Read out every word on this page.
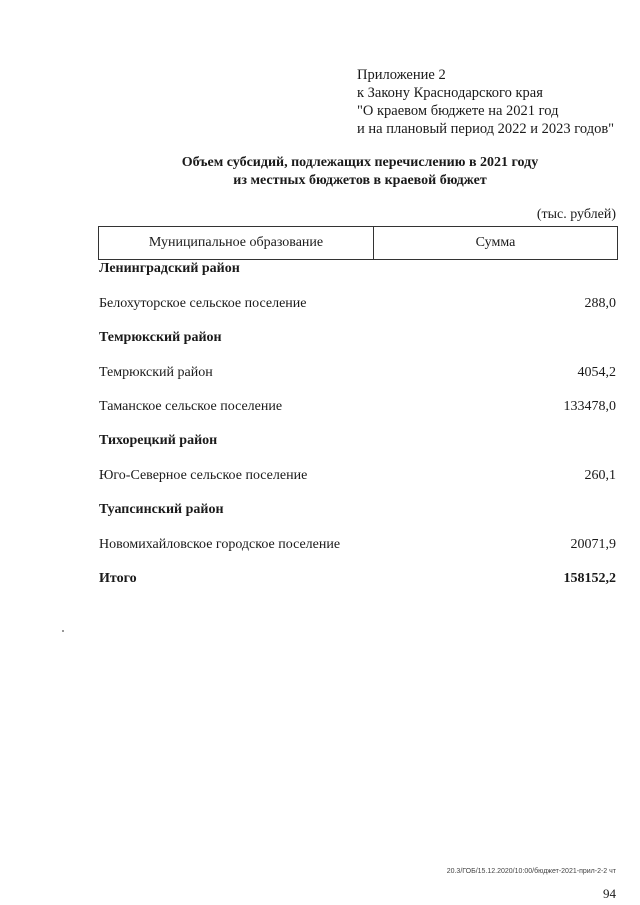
Приложение 2
к Закону Краснодарского края
"О краевом бюджете на 2021 год
и на плановый период 2022 и 2023 годов"
Объем субсидий, подлежащих перечислению в 2021 году
из местных бюджетов в краевой бюджет
(тыс. рублей)
Муниципальное образование	Сумма
Ленинградский район
Белохуторское сельское поселение	288,0
Темрюкский район
Темрюкский район	4054,2
Таманское сельское поселение	133478,0
Тихорецкий район
Юго-Северное сельское поселение	260,1
Туапсинский район
Новомихайловское городское поселение	20071,9
Итого	158152,2
20.3/ГОБ/15.12.2020/10:00/бюджет-2021-прил-2-2 чт
94
